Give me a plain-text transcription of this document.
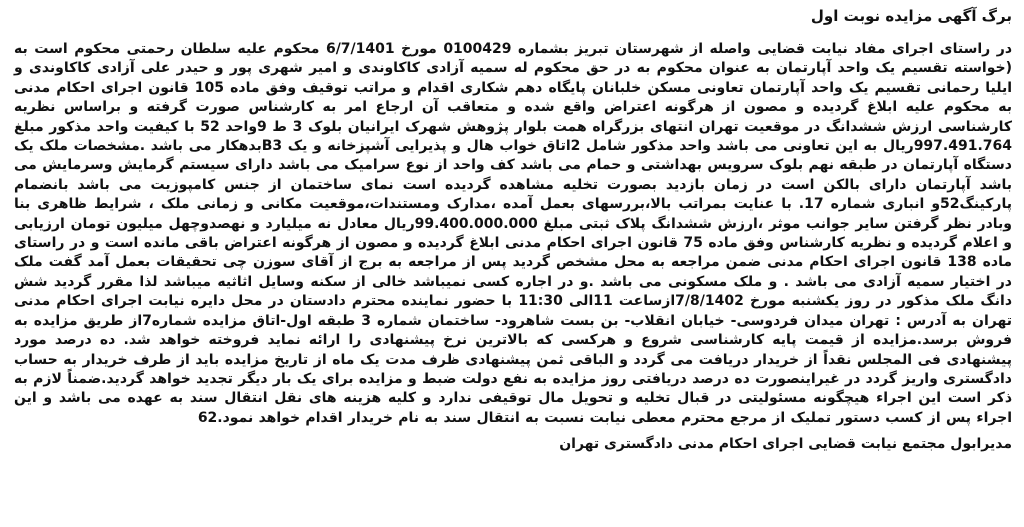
برگ آگهی مزایده نوبت اول

در راستای اجرای مفاد نیابت قضایی واصله از شهرستان تبریز بشماره 0100429 مورخ 6/7/1401 محکوم علیه سلطان رحمتی محکوم است به (خواسته تقسیم یک واحد آپارتمان به عنوان محکوم به در حق محکوم له سمیه آزادی کاکاوندی و امیر شهری پور و حیدر علی آزادی کاکاوندی و ایلیا رحمانی تقسیم یک واحد آپارتمان تعاونی مسکن خلبانان پایگاه دهم شکاری اقدام و مراتب توقیف وفق ماده 105 قانون اجرای احکام مدنی به محکوم علیه ابلاغ گردیده و مصون از هرگونه اعتراض واقع شده و متعاقب آن ارجاع امر به کارشناس صورت گرفته و براساس نظریه کارشناسی ارزش ششدانگ در موقعیت تهران انتهای بزرگراه همت بلوار پژوهش شهرک ایرانیان بلوک 3 ط 9واحد 52 با کیفیت واحد مذکور مبلغ 997.491.764ریال به این تعاونی می باشد واحد مذکور شامل 2اتاق خواب هال و پذیرایی آشپزخانه و یک B3بدهکار می باشد .مشخصات ملک یک دستگاه آپارتمان در طبقه نهم بلوک سرویس بهداشتی و حمام می باشد کف واحد از نوع سرامیک می باشد دارای سیستم گرمایش وسرمایش می باشد آپارتمان دارای بالکن است در زمان بازدید بصورت تخلیه مشاهده گردیده است نمای ساختمان از جنس کامپوزیت می باشد بانضمام پارکینگ52و انباری شماره 17. با عنایت بمراتب بالا،بررسهای بعمل آمده ،مدارک ومستندات،موقعیت مکانی و زمانی ملک ، شرایط ظاهری بنا وبادر نظر گرفتن سایر جوانب موثر ،ارزش ششدانگ پلاک ثبتی مبلغ 99.400.000.000ریال معادل نه میلیارد و نهصدوچهل میلیون تومان ارزیابی و اعلام گردیده و نظریه کارشناس وفق ماده 75 قانون اجرای احکام مدنی ابلاغ گردیده و مصون از هرگونه اعتراض باقی مانده است و در راستای ماده 138 قانون اجرای احکام مدنی ضمن مراجعه به محل مشخص گردید پس از مراجعه به برج از آقای سوزن چی تحقیقات بعمل آمد گفت ملک در اختیار سمیه آزادی می باشد . و ملک مسکونی می باشد .و در اجاره کسی نمیباشد خالی از سکنه وسایل اثاثیه میباشد لذا مقرر گردید شش دانگ ملک مذکور در روز یکشنبه مورخ 7/8/1402ازساعت 11الی 11:30 با حضور نماینده محترم دادستان در محل دایره نیابت اجرای احکام مدنی تهران به آدرس : تهران میدان فردوسی- خیابان انقلاب- بن بست شاهرود- ساختمان شماره 3 طبقه اول-اتاق مزایده شماره7از طریق مزایده به فروش برسد.مزایده از قیمت پایه کارشناسی شروع و هرکسی که بالاترین نرخ پیشنهادی را ارائه نماید فروخته خواهد شد. ده درصد مورد پیشنهادی فی المجلس نقداً از خریدار دریافت می گردد و الباقی ثمن پیشنهادی ظرف مدت یک ماه از تاریخ مزایده باید از طرف خریدار به حساب دادگستری واریز گردد در غیراینصورت ده درصد دریافتی روز مزایده به نفع دولت ضبط و مزایده برای یک بار دیگر تجدید خواهد گردید.ضمناً لازم به ذکر است این اجراء هیچگونه مسئولیتی در قبال تخلیه و تحویل مال توقیفی ندارد و کلیه هزینه های نقل انتقال سند به عهده می باشد و این اجراء پس از کسب دستور تملیک از مرجع محترم معطی نیابت نسبت به انتقال سند به نام خریدار اقدام خواهد نمود.62

مدیرابول مجتمع نیابت قضایی اجرای احکام مدنی دادگستری تهران
